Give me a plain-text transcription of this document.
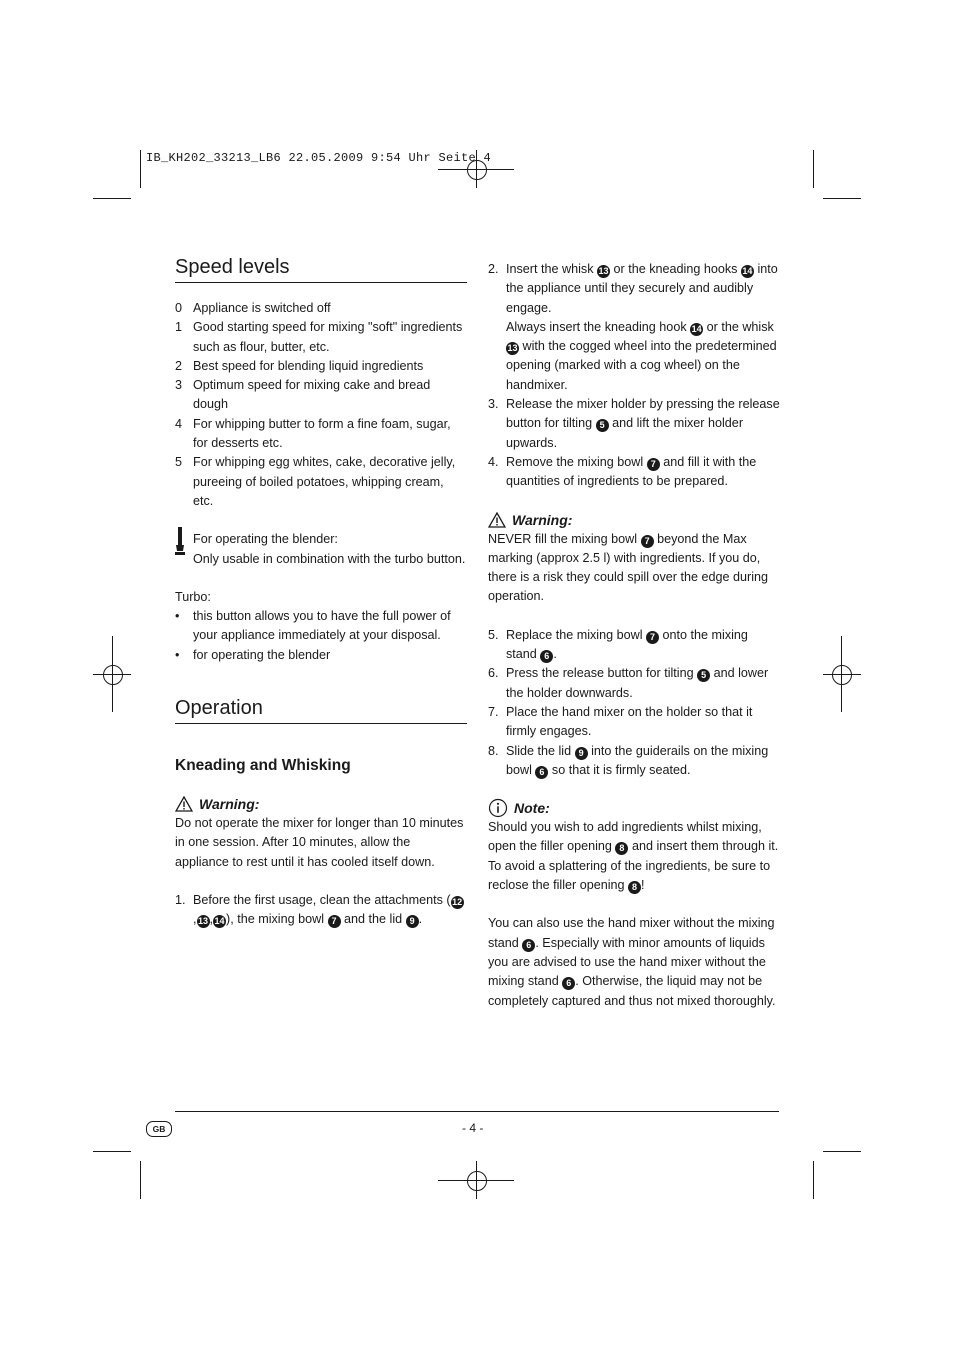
IB_KH202_33213_LB6 22.05.2009 9:54 Uhr Seite 4
Speed levels
0 Appliance is switched off
1 Good starting speed for mixing "soft" ingredients such as flour, butter, etc.
2 Best speed for blending liquid ingredients
3 Optimum speed for mixing cake and bread dough
4 For whipping butter to form a fine foam, sugar, for desserts etc.
5 For whipping egg whites, cake, decorative jelly, pureeing of boiled potatoes, whipping cream, etc.

For operating the blender:

Only usable in combination with the turbo button.

Turbo:

•	this button allows you to have the full power of your appliance immediately at your disposal.
•	for operating the blender
Operation
Kneading and Whisking
Warning:

Do not operate the mixer for longer than 10 minutes in one session. After 10 minutes, allow the appliance to rest until it has cooled itself down.

1. Before the first usage, clean the attachments (12,13 ,14 ), the mixing bowl 7 and the lid 9 .
2. Insert the whisk 13 or the kneading hooks 14 into the appliance until they securely and audibly engage.
Always insert the kneading hook 14 or the whisk 13 with the cogged wheel into the predetermined opening (marked with a cog wheel) on the handmixer.
3. Release the mixer holder by pressing the release button for tilting 5 and lift the mixer holder upwards.
4. Remove the mixing bowl 7 and fill it with the quantities of ingredients to be prepared.
Warning:

NEVER fill the mixing bowl 7 beyond the Max marking (approx 2.5 l) with ingredients. If you do, there is a risk they could spill over the edge during operation.

5. Replace the mixing bowl 7 onto the mixing stand 6 .
6. Press the release button for tilting 5 and lower the holder downwards.
7. Place the hand mixer on the holder so that it firmly engages.
8. Slide the lid 9 into the guiderails on the mixing bowl 6 so that it is firmly seated.
Note:

Should you wish to add ingredients whilst mixing, open the filler opening 8 and insert them through it. To avoid a splattering of the ingredients, be sure to reclose the filler opening 8 !

You can also use the hand mixer without the mixing stand 6 . Especially with minor amounts of liquids you are advised to use the hand mixer without the mixing stand 6 . Otherwise, the liquid may not be completely captured and thus not mixed thoroughly.

GB	- 4 -
